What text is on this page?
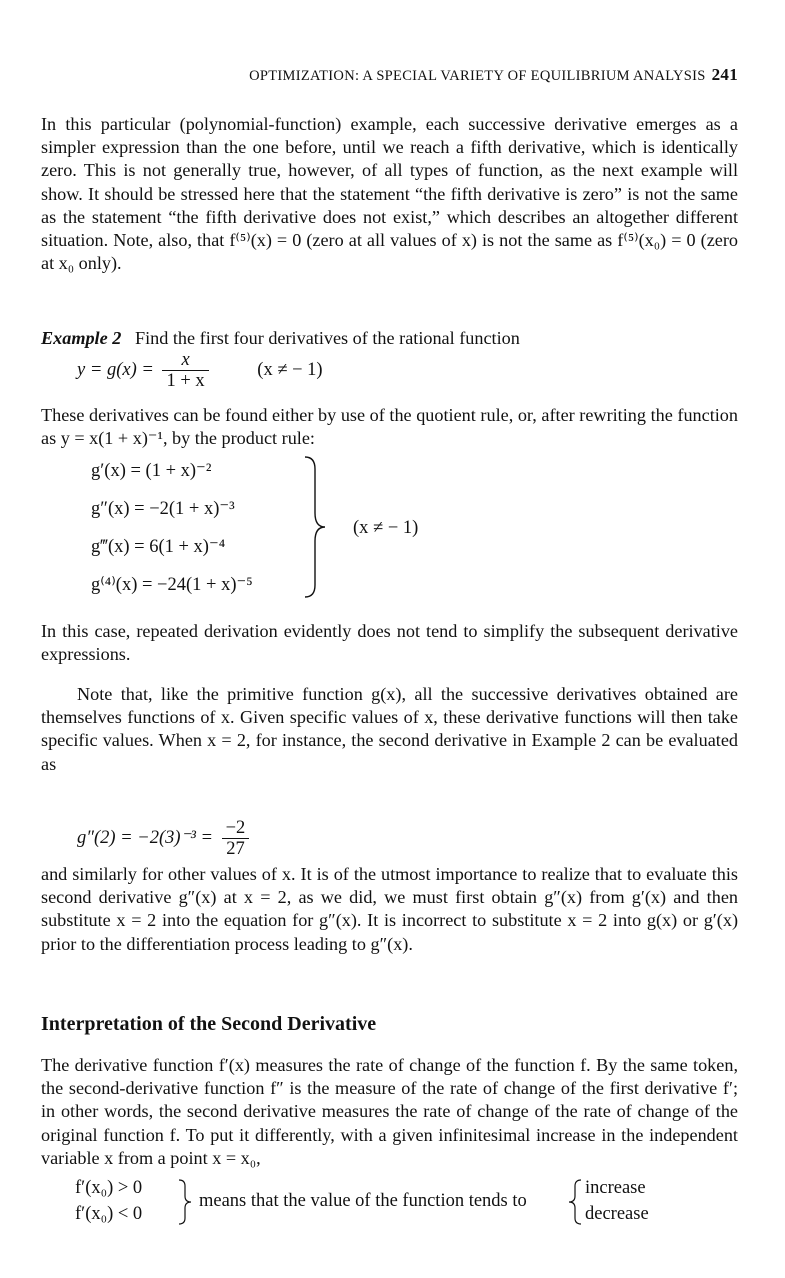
OPTIMIZATION: A SPECIAL VARIETY OF EQUILIBRIUM ANALYSIS 241

In this particular (polynomial-function) example, each successive derivative emerges as a simpler expression than the one before, until we reach a fifth derivative, which is identically zero. This is not generally true, however, of all types of function, as the next example will show. It should be stressed here that the statement “the fifth derivative is zero” is not the same as the statement “the fifth derivative does not exist,” which describes an altogether different situation. Note, also, that f⁽⁵⁾(x) = 0 (zero at all values of x) is not the same as f⁽⁵⁾(x₀) = 0 (zero at x₀ only).

Example 2 Find the first four derivatives of the rational function

$y = g(x) = \frac{x}{1 + x}$	(x ≠ − 1)

These derivatives can be found either by use of the quotient rule, or, after rewriting the function as y = x(1 + x)⁻¹, by the product rule:

g′(x) = (1 + x)⁻²
g″(x) = −2(1 + x)⁻³
g‴(x) = 6(1 + x)⁻⁴
g⁽⁴⁾(x) = −24(1 + x)⁻⁵
(x ≠ − 1)

In this case, repeated derivation evidently does not tend to simplify the subsequent derivative expressions.

Note that, like the primitive function g(x), all the successive derivatives obtained are themselves functions of x. Given specific values of x, these derivative functions will then take specific values. When x = 2, for instance, the second derivative in Example 2 can be evaluated as

$g''(2) = -2(3)^{-3} = \frac{-2}{27}$

and similarly for other values of x. It is of the utmost importance to realize that to evaluate this second derivative g″(x) at x = 2, as we did, we must first obtain g″(x) from g′(x) and then substitute x = 2 into the equation for g″(x). It is incorrect to substitute x = 2 into g(x) or g′(x) prior to the differentiation process leading to g″(x).

Interpretation of the Second Derivative

The derivative function f′(x) measures the rate of change of the function f. By the same token, the second-derivative function f″ is the measure of the rate of change of the first derivative f′; in other words, the second derivative measures the rate of change of the rate of change of the original function f. To put it differently, with a given infinitesimal increase in the independent variable x from a point x = x₀,

f′(x₀) > 0
f′(x₀) < 0
means that the value of the function tends to
increase
decrease
